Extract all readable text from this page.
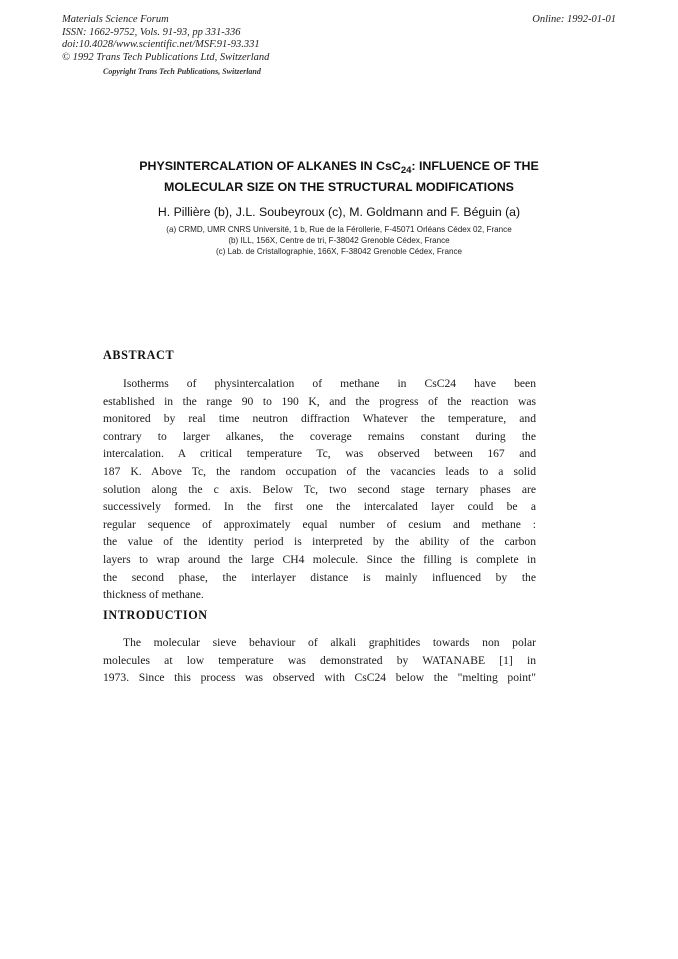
Materials Science Forum
ISSN: 1662-9752, Vols. 91-93, pp 331-336
doi:10.4028/www.scientific.net/MSF.91-93.331
© 1992 Trans Tech Publications Ltd, Switzerland
Online: 1992-01-01
Copyright Trans Tech Publications, Switzerland
PHYSINTERCALATION OF ALKANES IN CsC$_{24}$: INFLUENCE OF THE
MOLECULAR SIZE ON THE STRUCTURAL MODIFICATIONS
H. Pillière (b), J.L. Soubeyroux (c), M. Goldmann and F. Béguin (a)
(a) CRMD, UMR CNRS Université, 1 b, Rue de la Férollerie, F-45071 Orléans Cédex 02, France
(b) ILL, 156X, Centre de tri, F-38042 Grenoble Cédex, France
(c) Lab. de Cristallographie, 166X, F-38042 Grenoble Cédex, France
ABSTRACT
Isotherms of physintercalation of methane in CsC24 have been
established in the range 90 to 190 K, and the progress of the reaction was
monitored by real time neutron diffraction Whatever the temperature, and
contrary to larger alkanes, the coverage remains constant during the
intercalation. A critical temperature Tc, was observed between 167 and
187 K. Above Tc, the random occupation of the vacancies leads to a solid
solution along the c axis. Below Tc, two second stage ternary phases are
successively formed. In the first one the intercalated layer could be a
regular sequence of approximately equal number of cesium and methane :
the value of the identity period is interpreted by the ability of the carbon
layers to wrap around the large CH4 molecule. Since the filling is complete in
the second phase, the interlayer distance is mainly influenced by the
thickness of methane.
INTRODUCTION
The molecular sieve behaviour of alkali graphitides towards non polar
molecules at low temperature was demonstrated by WATANABE [1] in
1973. Since this process was observed with CsC24 below the "melting point"
